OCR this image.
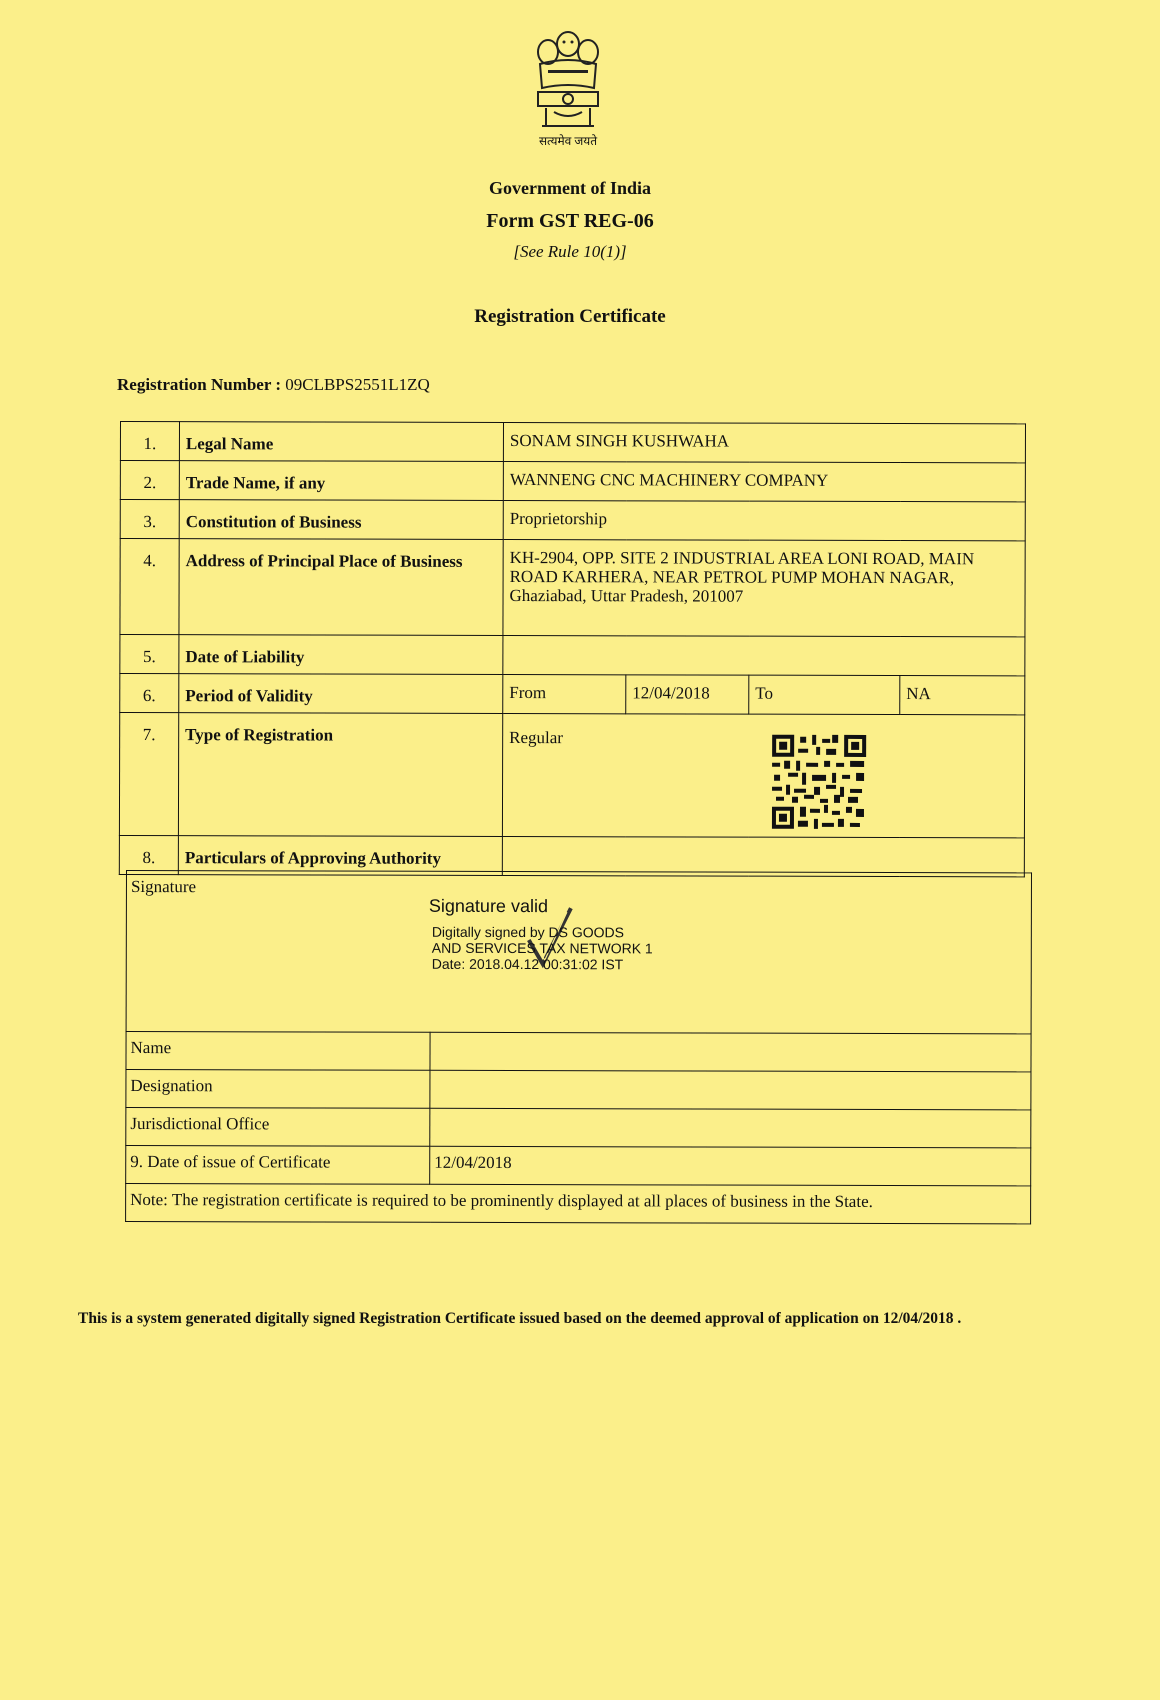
सत्यमेव जयते
Government of India
Form GST REG-06
[See Rule 10(1)]
Registration Certificate
Registration Number : 09CLBPS2551L1ZQ
1.	Legal Name	SONAM SINGH KUSHWAHA			
2.	Trade Name, if any	WANNENG CNC MACHINERY COMPANY			
3.	Constitution of Business	Proprietorship			
4.	Address of Principal Place of Business	KH-2904, OPP. SITE 2 INDUSTRIAL AREA LONI ROAD, MAIN ROAD KARHERA, NEAR PETROL PUMP MOHAN NAGAR, Ghaziabad, Uttar Pradesh, 201007			
5.	Date of Liability				
6.	Period of Validity	From	12/04/2018	To	NA
7.	Type of Registration	Regular			
8.	Particulars of Approving Authority				
Signature
Signature valid
Digitally signed by DS GOODS
AND SERVICES TAX NETWORK 1
Date: 2018.04.12 00:31:02 IST	

Name	
Designation	
Jurisdictional Office	
9. Date of issue of Certificate	12/04/2018
Note: The registration certificate is required to be prominently displayed at all places of business in the State.	
This is a system generated digitally signed Registration Certificate issued based on the deemed approval of application on 12/04/2018 .
